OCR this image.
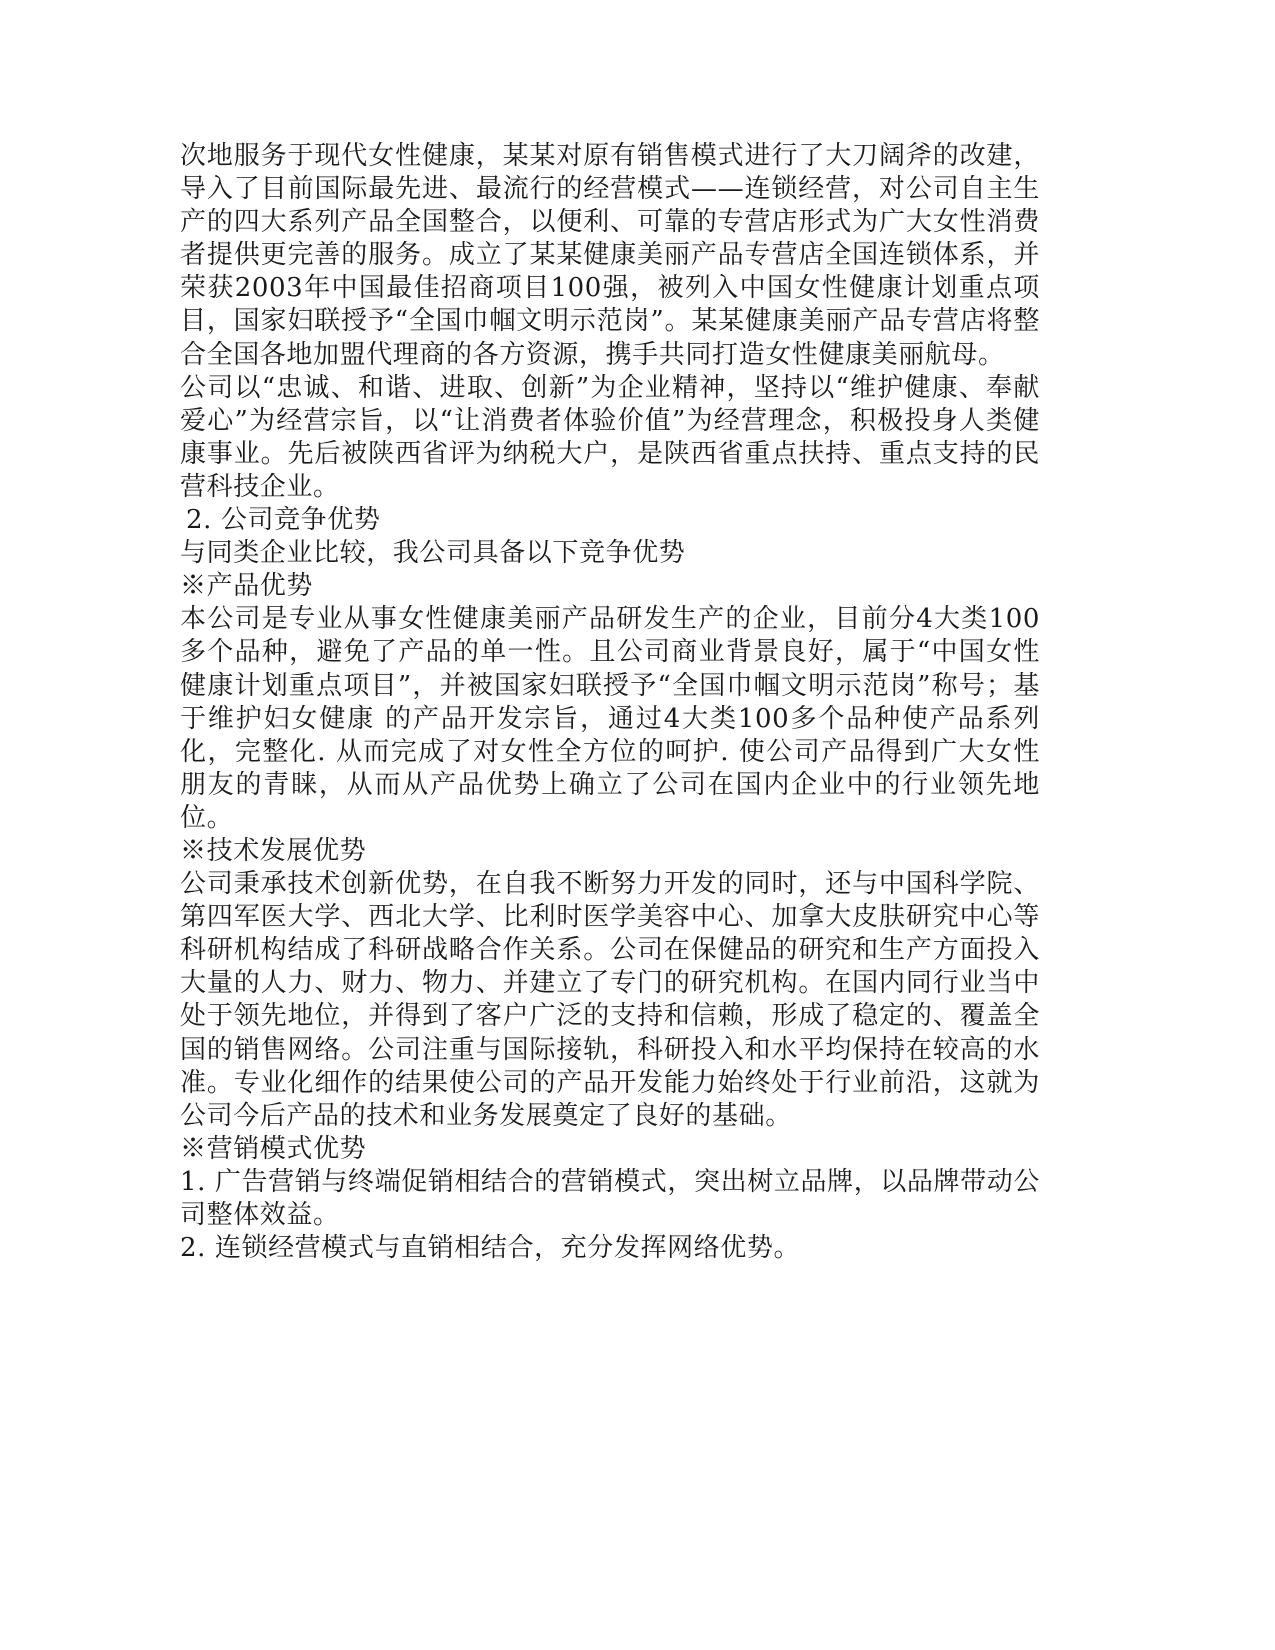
次地服务于现代女性健康，某某对原有销售模式进行了大刀阔斧的改建，导入了目前国际最先进、最流行的经营模式——连锁经营，对公司自主生产的四大系列产品全国整合，以便利、可靠的专营店形式为广大女性消费者提供更完善的服务。成立了某某健康美丽产品专营店全国连锁体系，并荣获2003年中国最佳招商项目100强，被列入中国女性健康计划重点项目，国家妇联授予“全国巾帼文明示范岗”。某某健康美丽产品专营店将整合全国各地加盟代理商的各方资源，携手共同打造女性健康美丽航母。

公司以“忠诚、和谐、进取、创新”为企业精神，坚持以“维护健康、奉献爱心”为经营宗旨，以“让消费者体验价值”为经营理念，积极投身人类健康事业。先后被陕西省评为纳税大户，是陕西省重点扶持、重点支持的民营科技企业。

2. 公司竞争优势

与同类企业比较，我公司具备以下竞争优势

※产品优势

本公司是专业从事女性健康美丽产品研发生产的企业，目前分4大类100多个品种，避免了产品的单一性。且公司商业背景良好，属于“中国女性健康计划重点项目”，并被国家妇联授予“全国巾帼文明示范岗”称号；基于维护妇女健康 的产品开发宗旨，通过4大类100多个品种使产品系列化，完整化. 从而完成了对女性全方位的呵护. 使公司产品得到广大女性朋友的青睐，从而从产品优势上确立了公司在国内企业中的行业领先地位。

※技术发展优势

公司秉承技术创新优势，在自我不断努力开发的同时，还与中国科学院、第四军医大学、西北大学、比利时医学美容中心、加拿大皮肤研究中心等科研机构结成了科研战略合作关系。公司在保健品的研究和生产方面投入大量的人力、财力、物力、并建立了专门的研究机构。在国内同行业当中处于领先地位，并得到了客户广泛的支持和信赖，形成了稳定的、覆盖全国的销售网络。公司注重与国际接轨，科研投入和水平均保持在较高的水准。专业化细作的结果使公司的产品开发能力始终处于行业前沿，这就为公司今后产品的技术和业务发展奠定了良好的基础。

※营销模式优势

1. 广告营销与终端促销相结合的营销模式，突出树立品牌，以品牌带动公司整体效益。

2. 连锁经营模式与直销相结合，充分发挥网络优势。
